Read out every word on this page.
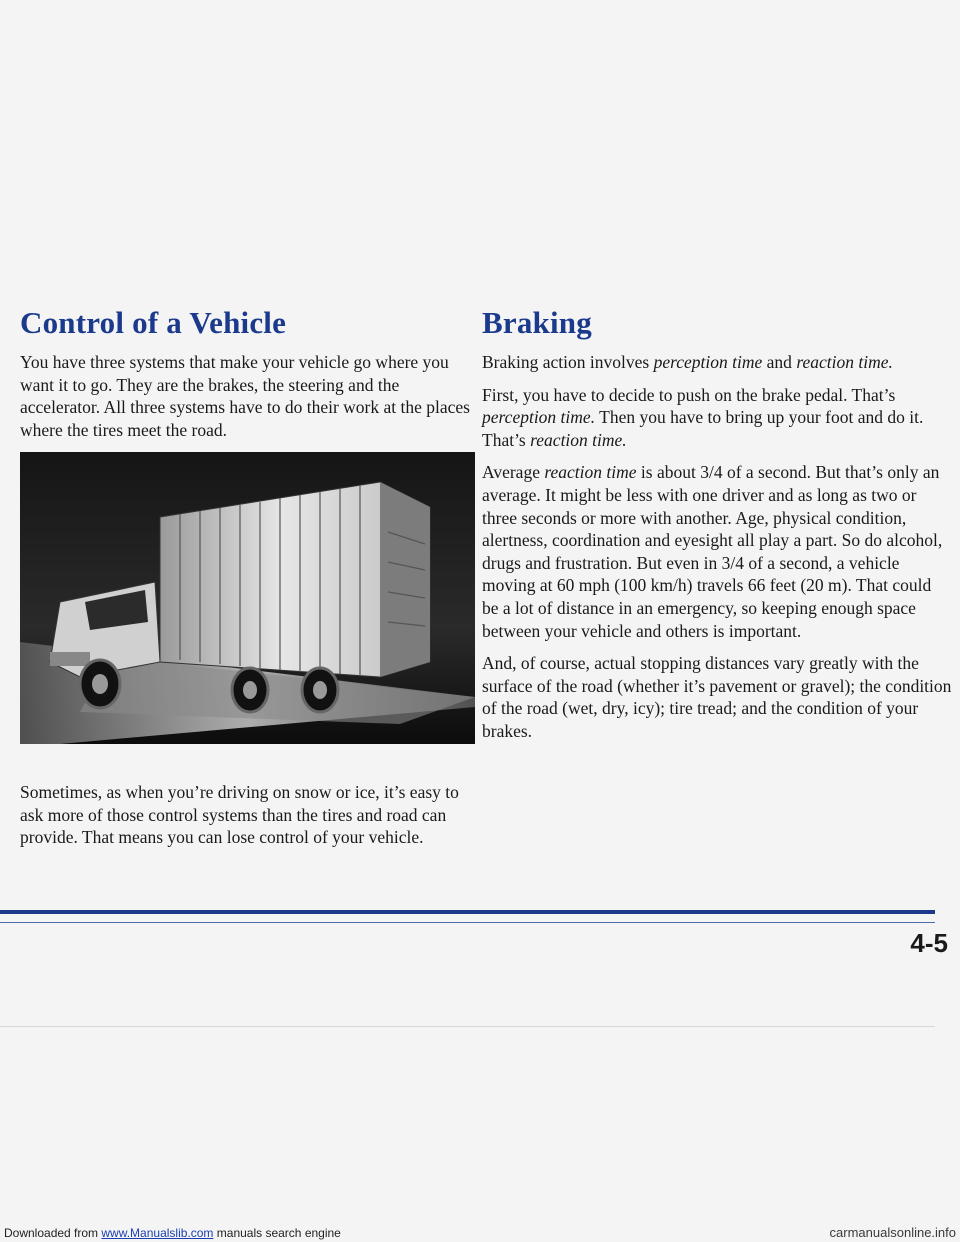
Control of a Vehicle

You have three systems that make your vehicle go where you want it to go. They are the brakes, the steering and the accelerator. All three systems have to do their work at the places where the tires meet the road.

Sometimes, as when you’re driving on snow or ice, it’s easy to ask more of those control systems than the tires and road can provide. That means you can lose control of your vehicle.

Braking

Braking action involves perception time and reaction time.

First, you have to decide to push on the brake pedal. That’s perception time. Then you have to bring up your foot and do it. That’s reaction time.

Average reaction time is about 3/4 of a second. But that’s only an average. It might be less with one driver and as long as two or three seconds or more with another. Age, physical condition, alertness, coordination and eyesight all play a part. So do alcohol, drugs and frustration. But even in 3/4 of a second, a vehicle moving at 60 mph (100 km/h) travels 66 feet (20 m). That could be a lot of distance in an emergency, so keeping enough space between your vehicle and others is important.

And, of course, actual stopping distances vary greatly with the surface of the road (whether it’s pavement or gravel); the condition of the road (wet, dry, icy); tire tread; and the condition of your brakes.

4-5
Downloaded from www.Manualslib.com manuals search engine	carmanualsonline.info
